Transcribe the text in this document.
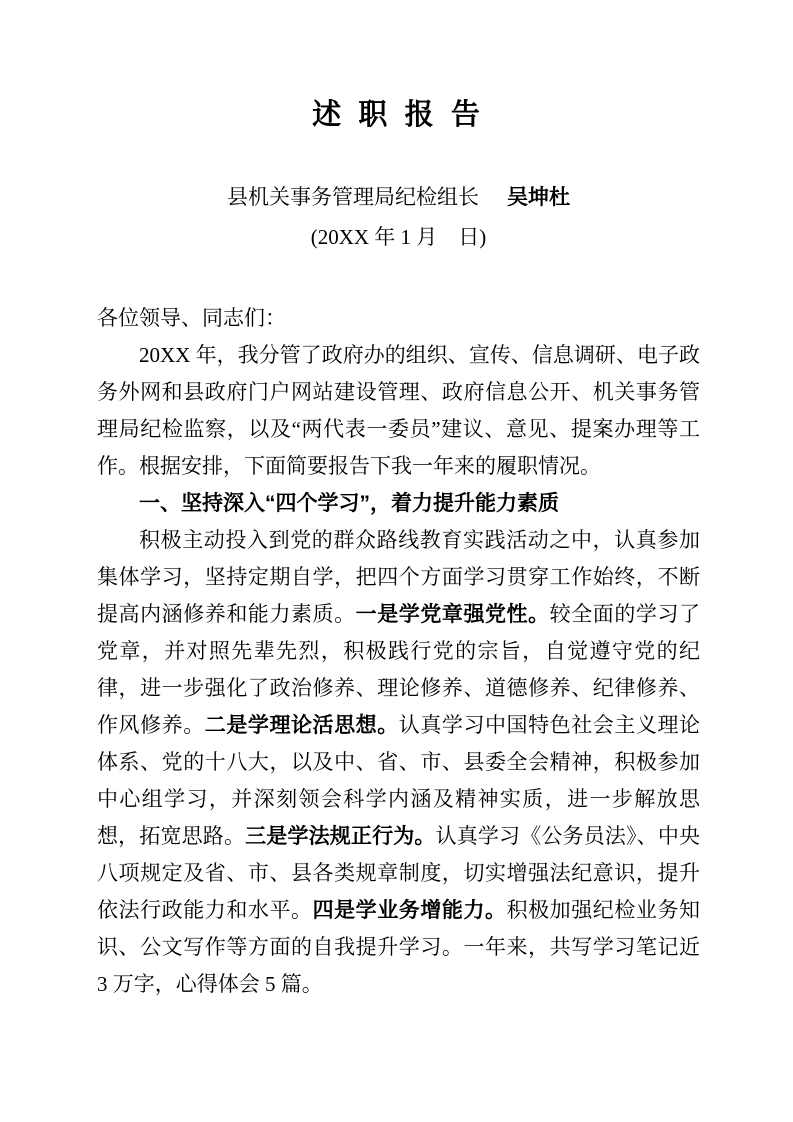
述 职 报 告
县机关事务管理局纪检组长 吴坤杜
(20XX 年 1 月　日)

各位领导、同志们：

20XX 年，我分管了政府办的组织、宣传、信息调研、电子政务外网和县政府门户网站建设管理、政府信息公开、机关事务管理局纪检监察，以及“两代表一委员”建议、意见、提案办理等工作。根据安排，下面简要报告下我一年来的履职情况。

一、坚持深入“四个学习”，着力提升能力素质

积极主动投入到党的群众路线教育实践活动之中，认真参加集体学习，坚持定期自学，把四个方面学习贯穿工作始终，不断提高内涵修养和能力素质。一是学党章强党性。较全面的学习了党章，并对照先辈先烈，积极践行党的宗旨，自觉遵守党的纪律，进一步强化了政治修养、理论修养、道德修养、纪律修养、作风修养。二是学理论活思想。认真学习中国特色社会主义理论体系、党的十八大，以及中、省、市、县委全会精神，积极参加中心组学习，并深刻领会科学内涵及精神实质，进一步解放思想，拓宽思路。三是学法规正行为。认真学习《公务员法》、中央八项规定及省、市、县各类规章制度，切实增强法纪意识，提升依法行政能力和水平。四是学业务增能力。积极加强纪检业务知识、公文写作等方面的自我提升学习。一年来，共写学习笔记近 3 万字，心得体会 5 篇。
